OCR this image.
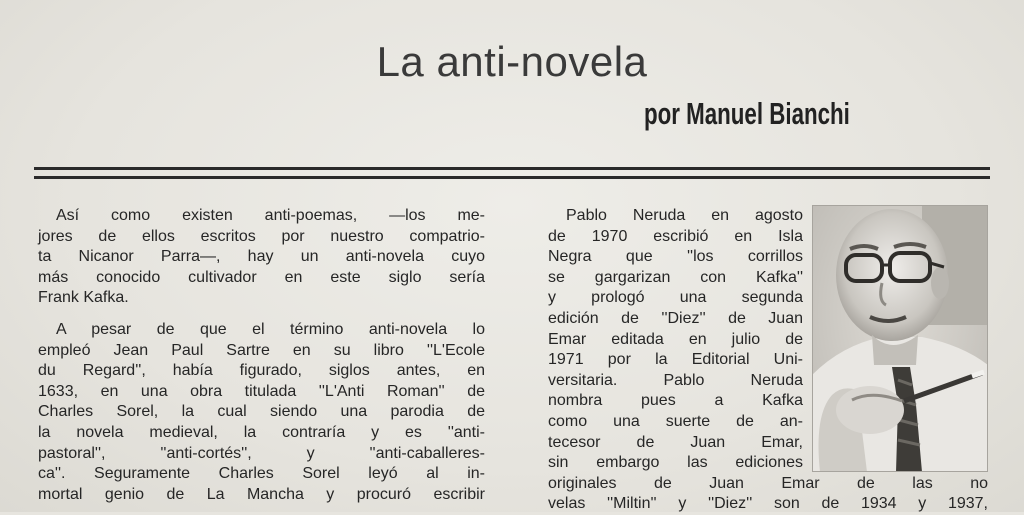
La anti-novela
por Manuel Bianchi
Así como existen anti-poemas, —los me-
jores de ellos escritos por nuestro compatrio-
ta Nicanor Parra—, hay un anti-novela cuyo
más conocido cultivador en este siglo sería
Frank Kafka.
A pesar de que el término anti-novela lo
empleó Jean Paul Sartre en su libro ''L'Ecole
du Regard'', había figurado, siglos antes, en
1633, en una obra titulada ''L'Anti Roman'' de
Charles Sorel, la cual siendo una parodia de
la novela medieval, la contraría y es ''anti-
pastoral'', ''anti-cortés'', y ''anti-caballeres-
ca''. Seguramente Charles Sorel leyó al in-
mortal genio de La Mancha y procuró escribir
Pablo Neruda en agosto
de 1970 escribió en Isla
Negra que ''los corrillos
se gargarizan con Kafka''
y prologó una segunda
edición de ''Diez'' de Juan
Emar editada en julio de
1971 por la Editorial Uni-
versitaria. Pablo Neruda
nombra pues a Kafka
como una suerte de an-
tecesor de Juan Emar,
sin embargo las ediciones
originales de Juan Emar de las no
velas ''Miltin'' y ''Diez'' son de 1934 y 1937,
